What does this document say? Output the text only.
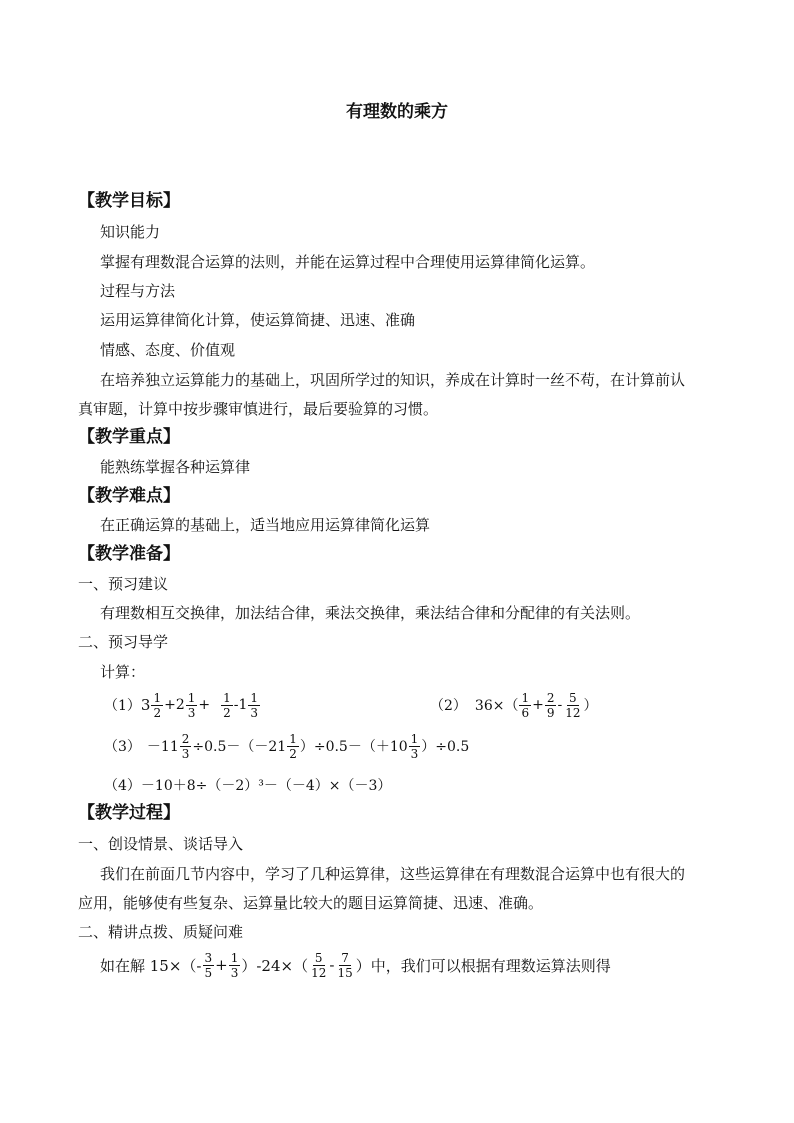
有理数的乘方
【教学目标】
知识能力
掌握有理数混合运算的法则，并能在运算过程中合理使用运算律简化运算。
过程与方法
运用运算律简化计算，使运算简捷、迅速、准确
情感、态度、价值观
在培养独立运算能力的基础上，巩固所学过的知识，养成在计算时一丝不苟，在计算前认
真审题，计算中按步骤审慎进行，最后要验算的习惯。
【教学重点】
能熟练掌握各种运算律
【教学难点】
在正确运算的基础上，适当地应用运算律简化运算
【教学准备】
一、预习建议
有理数相互交换律，加法结合律，乘法交换律，乘法结合律和分配律的有关法则。
二、预习导学
计算：
（1） $3 \frac{1}{2} +2 \frac{1}{3} + \frac{1}{2} -1 \frac{1}{3}$	（2） $36\times( \frac{1}{6} + \frac{2}{9} - \frac{5}{12}$ ）
$(3) -11 \frac{2}{3} \div 0.5-(-21 \frac{1}{2} )\div 0.5-(+10 \frac{1}{3} )\div 0.5$
（4）－10＋8÷（－2）³－（－4）×（－3）
【教学过程】
一、创设情景、谈话导入
我们在前面几节内容中，学习了几种运算律，这些运算律在有理数混合运算中也有很大的
应用，能够使有些复杂、运算量比较大的题目运算简捷、迅速、准确。
二、精讲点拨、质疑问难
如在解 $15\times(- \frac{3}{5} + \frac{1}{3} )-24\times( \frac{5}{12} - \frac{7}{15}$ ）中，我们可以根据有理数运算法则得
